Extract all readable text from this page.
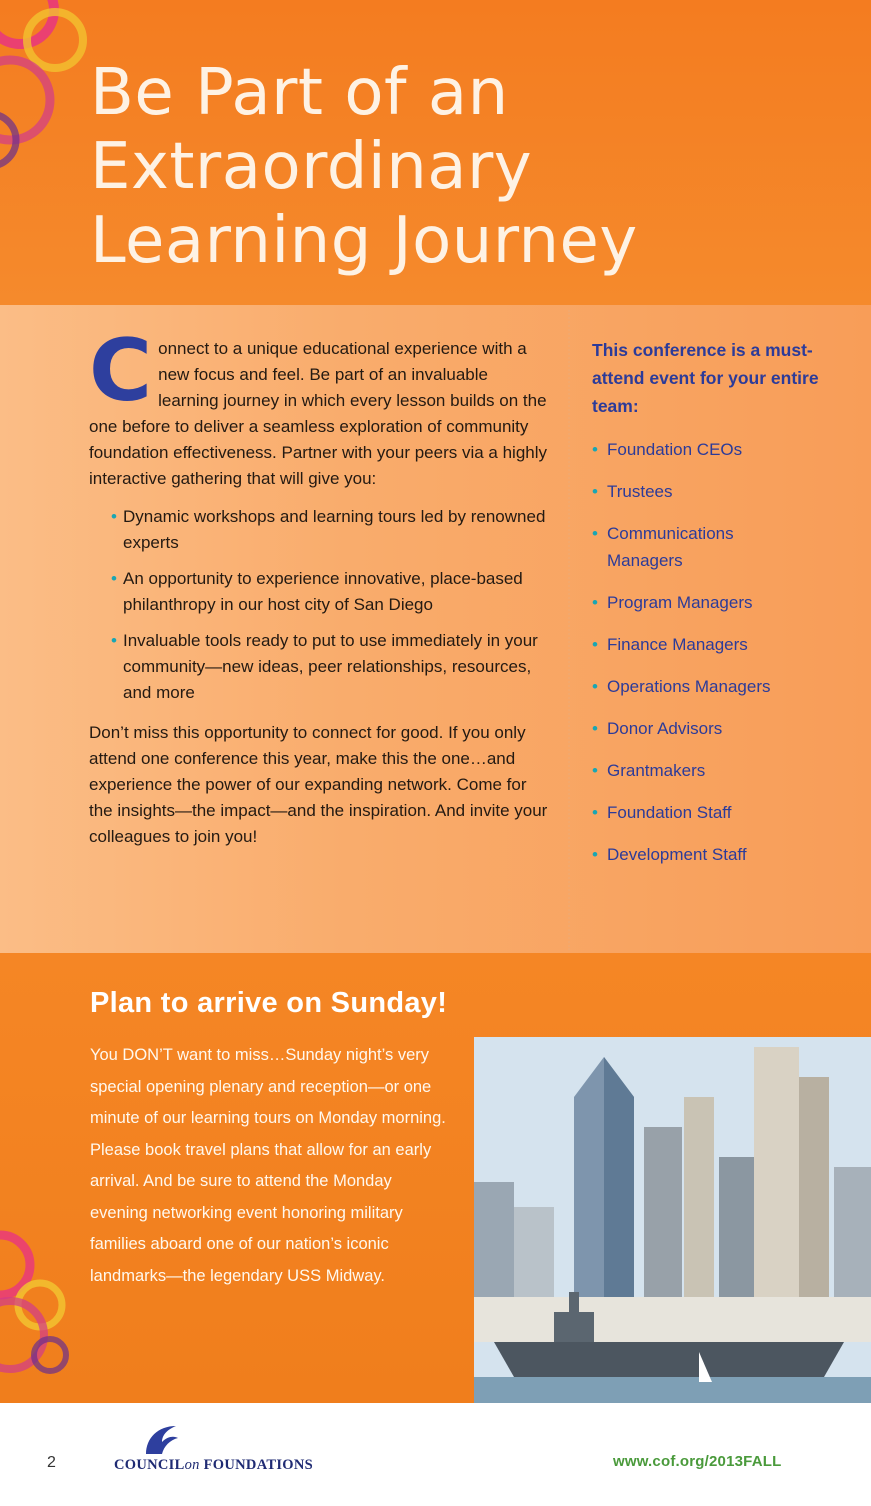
Be Part of an
Extraordinary
Learning Journey

Connect to a unique educational experience with a new focus and feel. Be part of an invaluable learning journey in which every lesson builds on the one before to deliver a seamless exploration of community foundation effectiveness. Partner with your peers via a highly interactive gathering that will give you:

• Dynamic workshops and learning tours led by renowned experts
• An opportunity to experience innovative, place-based philanthropy in our host city of San Diego
• Invaluable tools ready to put to use immediately in your community—new ideas, peer relationships, resources, and more

Don’t miss this opportunity to connect for good. If you only attend one conference this year, make this the one…and experience the power of our expanding network. Come for the insights—the impact—and the inspiration. And invite your colleagues to join you!

This conference is a must-attend event for your entire team:

• Foundation CEOs
• Trustees
• Communications Managers
• Program Managers
• Finance Managers
• Operations Managers
• Donor Advisors
• Grantmakers
• Foundation Staff
• Development Staff
Plan to arrive on Sunday!

You DON’T want to miss…Sunday night’s very special opening plenary and reception—or one minute of our learning tours on Monday morning. Please book travel plans that allow for an early arrival. And be sure to attend the Monday evening networking event honoring military families aboard one of our nation’s iconic landmarks—the legendary USS Midway.

2	COUNCILon FOUNDATIONS	www.cof.org/2013FALL
